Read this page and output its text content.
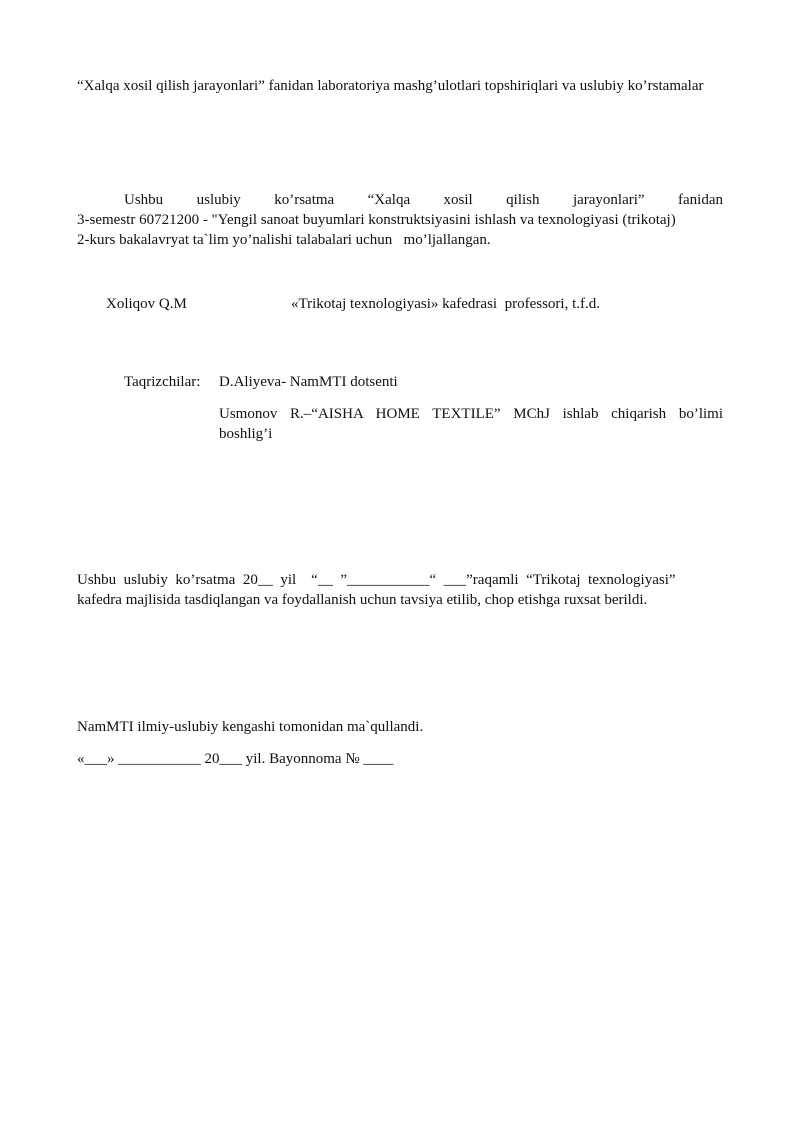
“Xalqa xosil qilish jarayonlari” fanidan laboratoriya mashg’ulotlari topshiriqlari va uslubiy ko’rstamalar

Ushbu uslubiy ko’rsatma “Xalqa xosil qilish jarayonlari” fanidan

3-semestr 60721200 - "Yengil sanoat buyumlari konstruktsiyasini ishlash va texnologiyasi (trikotaj)

2-kurs bakalavryat ta`lim yo’nalishi talabalari uchun   mo’ljallangan.

Xoliqov Q.M	«Trikotaj texnologiyasi» kafedrasi  professori, t.f.d.
Taqrizchilar: D.Aliyeva- NamMTI dotsenti

Usmonov  R.–“AISHA  HOME  TEXTILE”  MChJ  ishlab  chiqarish  bo’limi

boshlig’i

Ushbu  uslubiy  ko’rsatma  20__  yil    “__  ”___________“  ___”raqamli  “Trikotaj  texnologiyasi”

kafedra majlisida tasdiqlangan va foydallanish uchun tavsiya etilib, chop etishga ruxsat berildi.

NamMTI ilmiy-uslubiy kengashi tomonidan ma`qullandi.

«___» ___________ 20___ yil. Bayonnoma № ____
